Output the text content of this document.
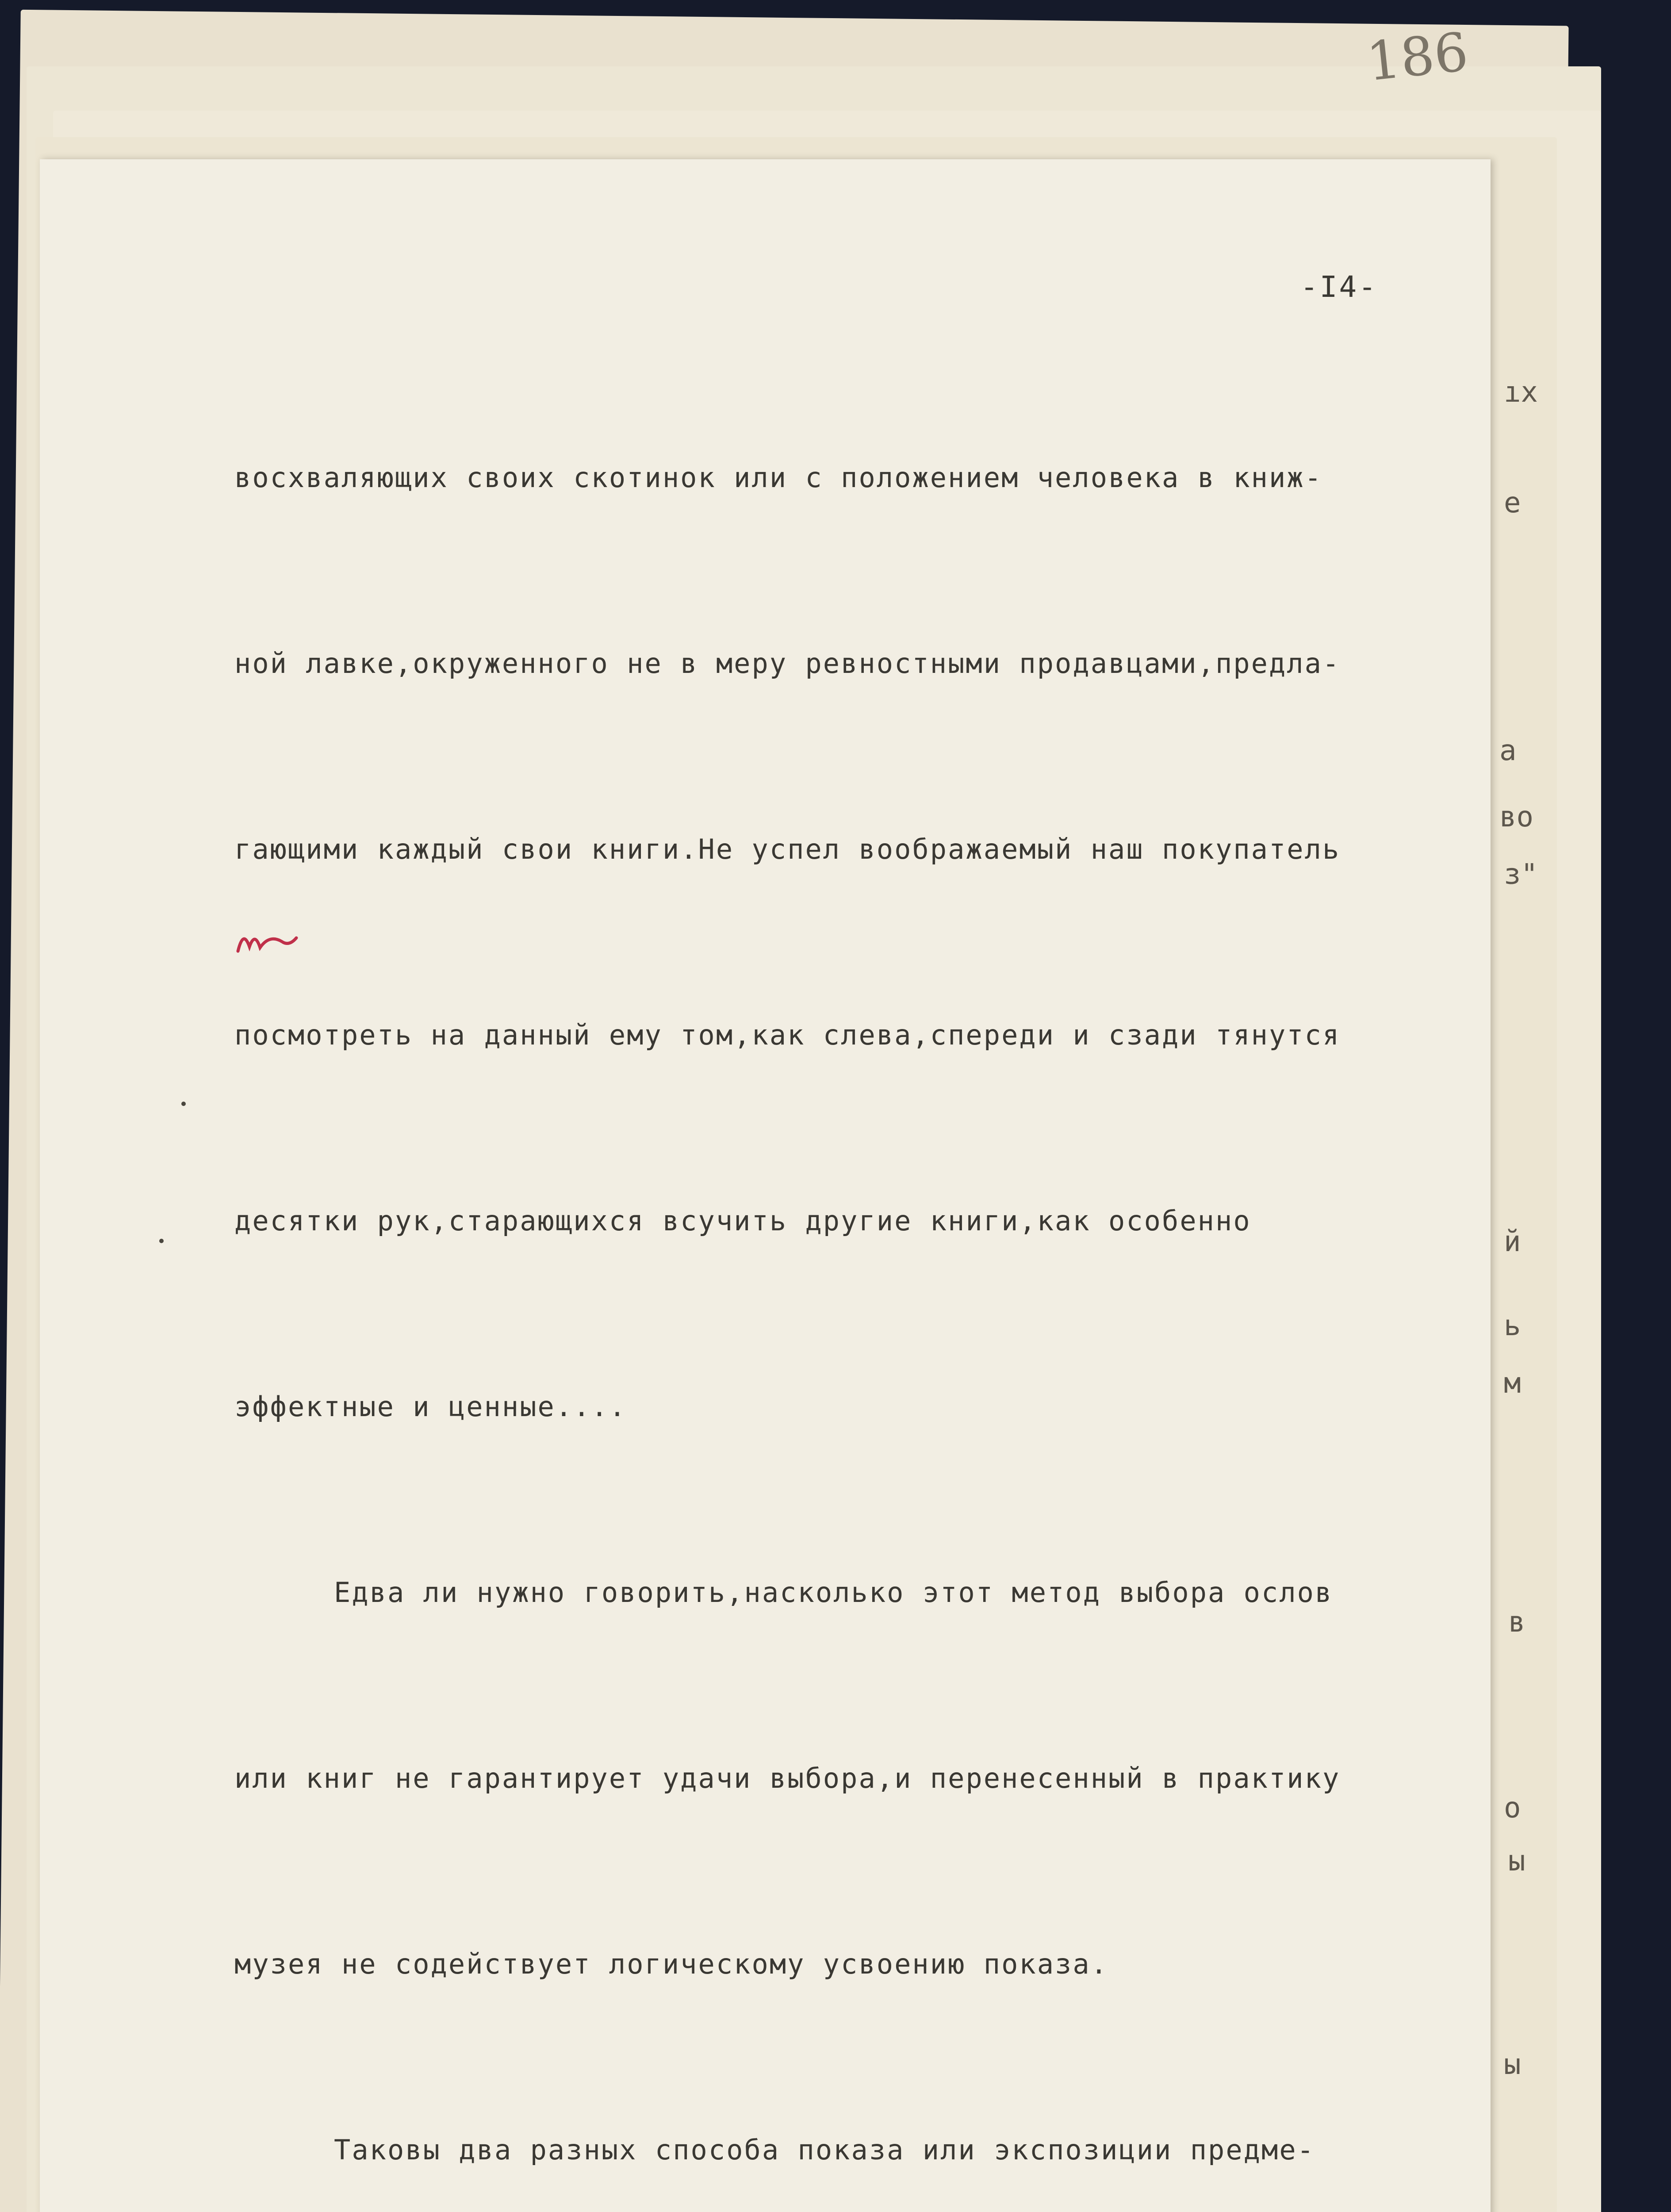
186
ıх
е
а
во
з"
й
ь
м
в
о
ы
ы
-I4-

восхваляющих своих скотинок или с положением человека в книж-

ной лавке,окруженного не в меру ревностными продавцами,предла-

гающими каждый свои книги.Не успел воображаемый наш покупатель

посмотреть на данный ему том,как слева,спереди и сзади тянутся

десятки рук,старающихся всучить другие книги,как особенно

эффектные и ценные....

Едва ли нужно говорить,насколько этот метод выбора ослов

или книг не гарантирует удачи выбора,и перенесенный в практику

музея не содействует логическому усвоению показа.

Таковы два разных способа показа или экспозиции предме-
